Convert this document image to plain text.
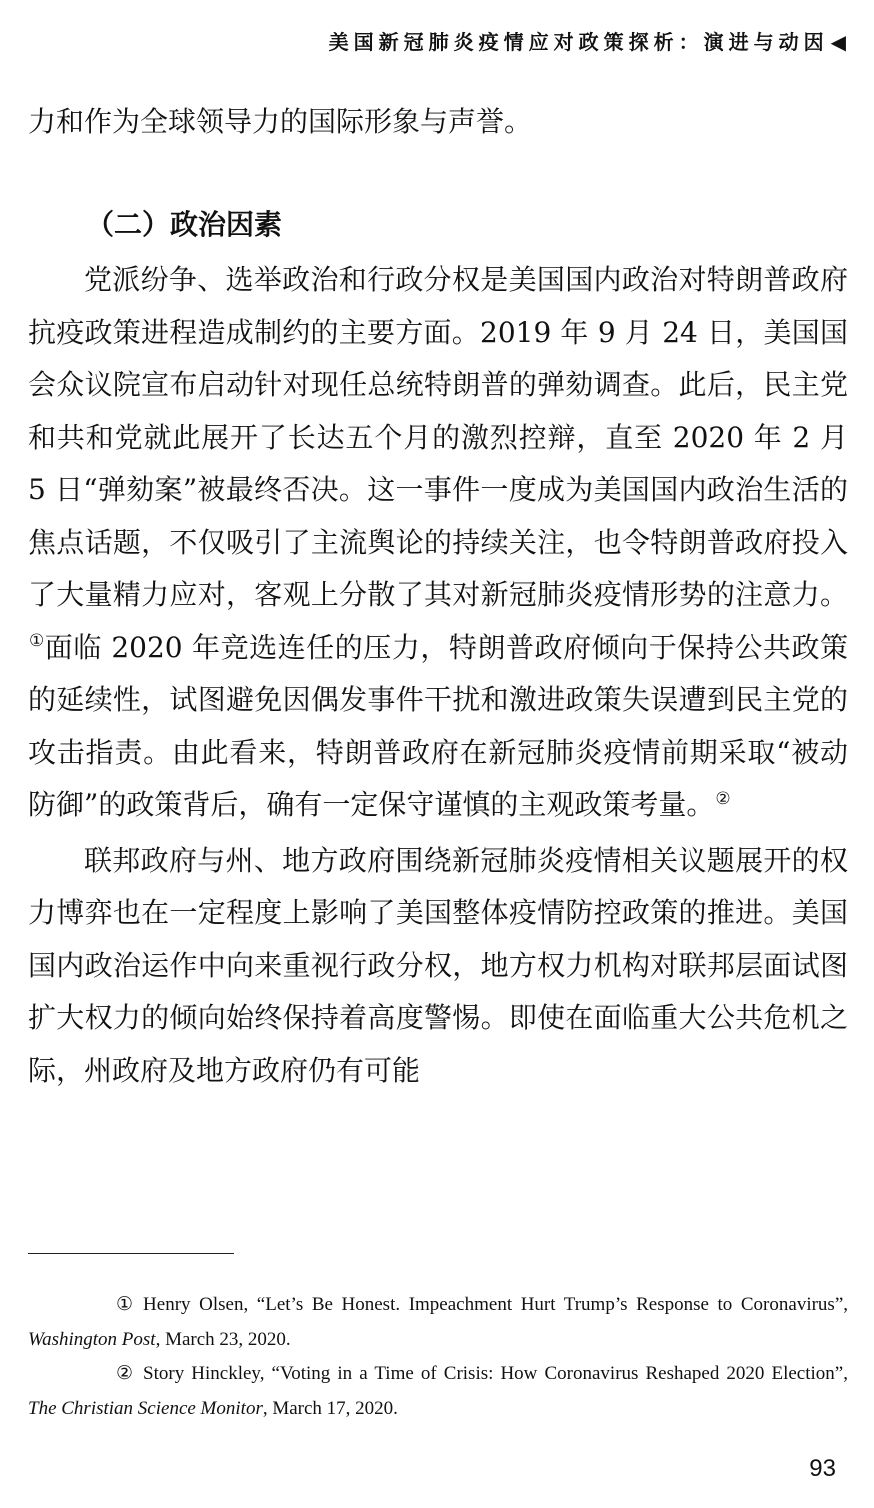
美国新冠肺炎疫情应对政策探析：演进与动因 ◀

力和作为全球领导力的国际形象与声誉。

（二）政治因素

党派纷争、选举政治和行政分权是美国国内政治对特朗普政府抗疫政策进程造成制约的主要方面。2019 年 9 月 24 日，美国国会众议院宣布启动针对现任总统特朗普的弹劾调查。此后，民主党和共和党就此展开了长达五个月的激烈控辩，直至 2020 年 2 月 5 日“弹劾案”被最终否决。这一事件一度成为美国国内政治生活的焦点话题，不仅吸引了主流舆论的持续关注，也令特朗普政府投入了大量精力应对，客观上分散了其对新冠肺炎疫情形势的注意力。①面临 2020 年竞选连任的压力，特朗普政府倾向于保持公共政策的延续性，试图避免因偶发事件干扰和激进政策失误遭到民主党的攻击指责。由此看来，特朗普政府在新冠肺炎疫情前期采取“被动防御”的政策背后，确有一定保守谨慎的主观政策考量。②

联邦政府与州、地方政府围绕新冠肺炎疫情相关议题展开的权力博弈也在一定程度上影响了美国整体疫情防控政策的推进。美国国内政治运作中向来重视行政分权，地方权力机构对联邦层面试图扩大权力的倾向始终保持着高度警惕。即使在面临重大公共危机之际，州政府及地方政府仍有可能

① Henry Olsen, “Let’s Be Honest. Impeachment Hurt Trump’s Response to Coronavirus”, Washington Post, March 23, 2020.

② Story Hinckley, “Voting in a Time of Crisis: How Coronavirus Reshaped 2020 Election”, The Christian Science Monitor, March 17, 2020.

93
